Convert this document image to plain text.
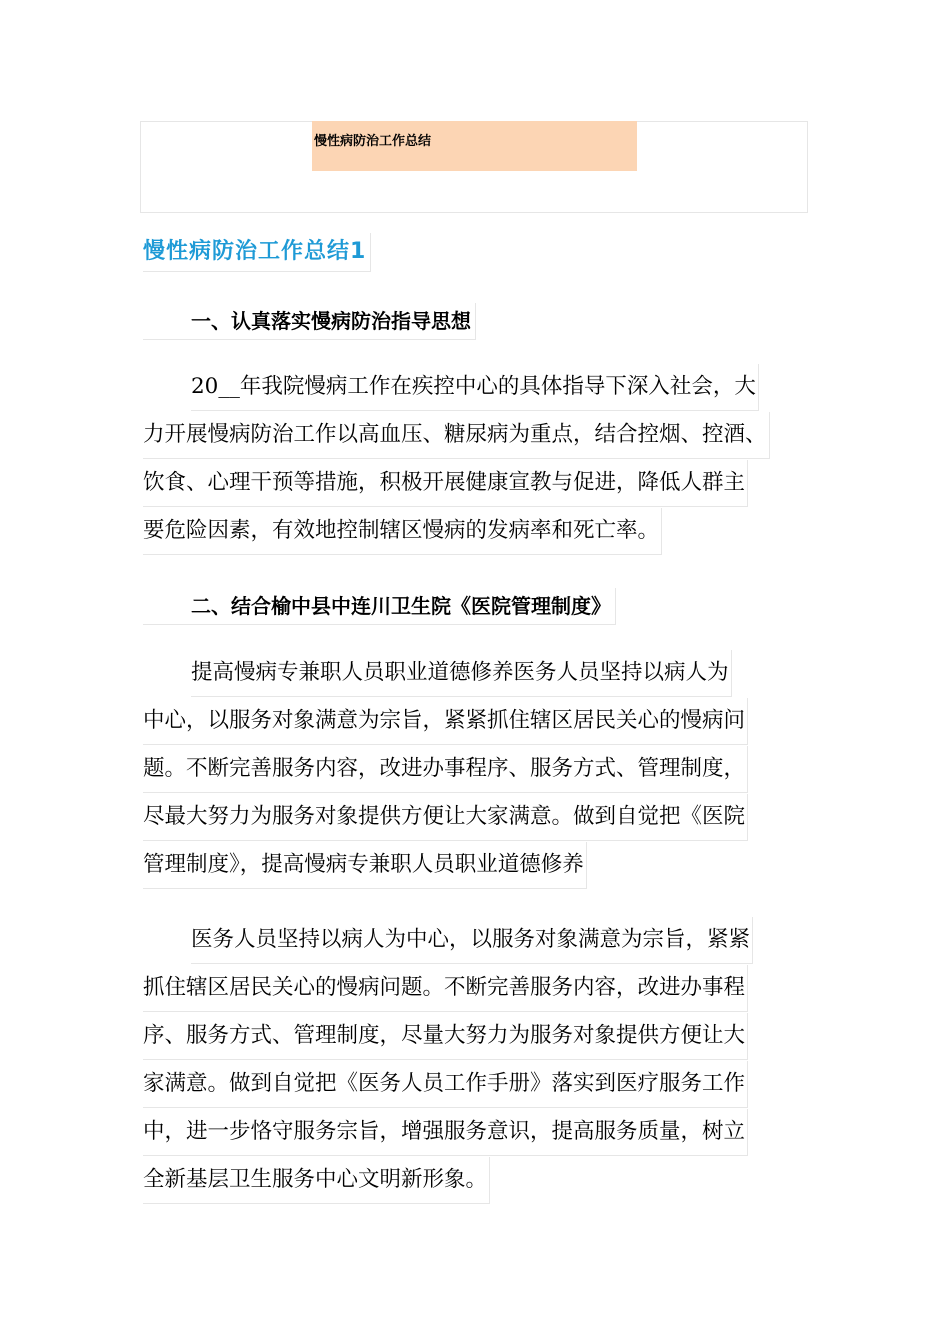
慢性病防治工作总结
慢性病防治工作总结1
一、认真落实慢病防治指导思想
20__年我院慢病工作在疾控中心的具体指导下深入社会，大
力开展慢病防治工作以高血压、糖尿病为重点，结合控烟、控酒、
饮食、心理干预等措施，积极开展健康宣教与促进，降低人群主
要危险因素，有效地控制辖区慢病的发病率和死亡率。
二、结合榆中县中连川卫生院《医院管理制度》
提高慢病专兼职人员职业道德修养医务人员坚持以病人为
中心，以服务对象满意为宗旨，紧紧抓住辖区居民关心的慢病问
题。不断完善服务内容，改进办事程序、服务方式、管理制度，
尽最大努力为服务对象提供方便让大家满意。做到自觉把《医院
管理制度》，提高慢病专兼职人员职业道德修养
医务人员坚持以病人为中心，以服务对象满意为宗旨，紧紧
抓住辖区居民关心的慢病问题。不断完善服务内容，改进办事程
序、服务方式、管理制度，尽量大努力为服务对象提供方便让大
家满意。做到自觉把《医务人员工作手册》落实到医疗服务工作
中，进一步恪守服务宗旨，增强服务意识，提高服务质量，树立
全新基层卫生服务中心文明新形象。
